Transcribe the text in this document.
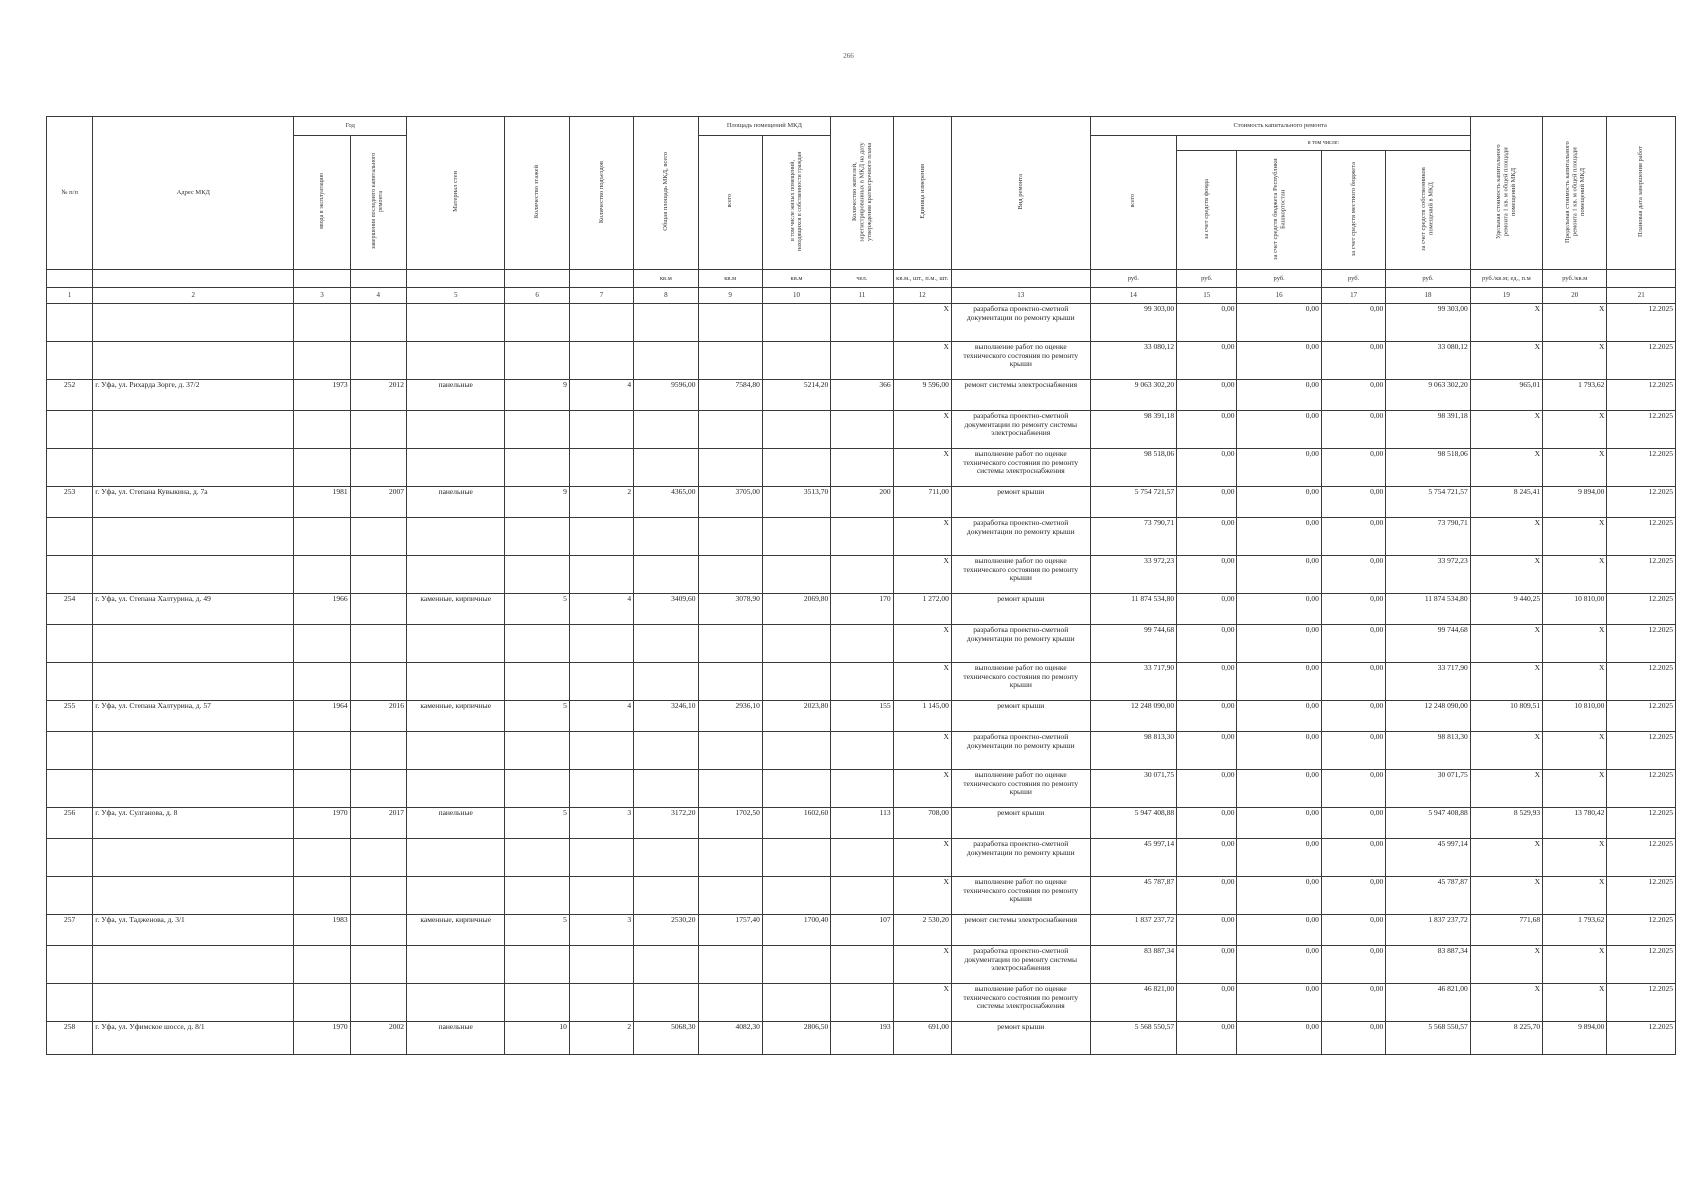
266
№ п/п	Адрес МКД	Год		Материал стен	Количество этажей	Количество подъездов	Общая площадь МКД, всего	Площадь помещений МКД		Количество жителей, зарегистрированных в МКД на дату утверждения краткосрочного плана	Единица измерения	Вид ремонта	Стоимость капитального ремонта					Удельная стоимость капитального ремонта 1 кв. м общей площади помещений МКД	Предельная стоимость капитального ремонта 1 кв. м общей площади помещений МКД	Плановая дата завершения работ
		ввода в эксплуатацию	завершения последнего капитального ремонта					всего	в том числе жилых помещений, находящихся в собственности граждан				всего	в том числе:						
														за счет средств фонда	за счет средств бюджета Республики Башкортостан	за счет средств местного бюджета	за счет средств собственников помещений в МКД			
							кв.м	кв.м	кв.м	чел.	кв.м., шт., п.м., шт.		руб.	руб.	руб.	руб.	руб.	руб./кв.м; ед., п.м	руб./кв.м	
1	2	3	4	5	6	7	8	9	10	11	12	13	14	15	16	17	18	19	20	21
											X	разработка проектно-сметной документации по ремонту крыши	99 303,00	0,00	0,00	0,00	99 303,00	X	X	12.2025
											X	выполнение работ по оценке технического состояния по ремонту крыши	33 080,12	0,00	0,00	0,00	33 080,12	X	X	12.2025
252	г. Уфа, ул. Рихарда Зорге, д. 37/2	1973	2012	панельные	9	4	9596,00	7584,80	5214,20	366	9 596,00	ремонт системы электроснабжения	9 063 302,20	0,00	0,00	0,00	9 063 302,20	965,01	1 793,62	12.2025
											X	разработка проектно-сметной документации по ремонту системы электроснабжения	98 391,18	0,00	0,00	0,00	98 391,18	X	X	12.2025
											X	выполнение работ по оценке технического состояния по ремонту системы электроснабжения	98 518,06	0,00	0,00	0,00	98 518,06	X	X	12.2025
253	г. Уфа, ул. Степана Кувыкина, д. 7а	1981	2007	панельные	9	2	4365,00	3705,00	3513,70	200	711,00	ремонт крыши	5 754 721,57	0,00	0,00	0,00	5 754 721,57	8 245,41	9 894,00	12.2025
											X	разработка проектно-сметной документации по ремонту крыши	73 790,71	0,00	0,00	0,00	73 790,71	X	X	12.2025
											X	выполнение работ по оценке технического состояния по ремонту крыши	33 972,23	0,00	0,00	0,00	33 972,23	X	X	12.2025
254	г. Уфа, ул. Степана Халтурина, д. 49	1966		каменные, кирпичные	5	4	3409,60	3078,90	2069,80	170	1 272,00	ремонт крыши	11 874 534,80	0,00	0,00	0,00	11 874 534,80	9 440,25	10 810,00	12.2025
											X	разработка проектно-сметной документации по ремонту крыши	99 744,68	0,00	0,00	0,00	99 744,68	X	X	12.2025
											X	выполнение работ по оценке технического состояния по ремонту крыши	33 717,90	0,00	0,00	0,00	33 717,90	X	X	12.2025
255	г. Уфа, ул. Степана Халтурина, д. 57	1964	2016	каменные, кирпичные	5	4	3246,10	2936,10	2023,80	155	1 145,00	ремонт крыши	12 248 090,00	0,00	0,00	0,00	12 248 090,00	10 809,51	10 810,00	12.2025
											X	разработка проектно-сметной документации по ремонту крыши	98 813,30	0,00	0,00	0,00	98 813,30	X	X	12.2025
											X	выполнение работ по оценке технического состояния по ремонту крыши	30 071,75	0,00	0,00	0,00	30 071,75	X	X	12.2025
256	г. Уфа, ул. Сулганова, д. 8	1970	2017	панельные	5	3	3172,20	1702,50	1602,60	113	708,00	ремонт крыши	5 947 408,88	0,00	0,00	0,00	5 947 408,88	8 529,93	13 780,42	12.2025
											X	разработка проектно-сметной документации по ремонту крыши	45 997,14	0,00	0,00	0,00	45 997,14	X	X	12.2025
											X	выполнение работ по оценке технического состояния по ремонту крыши	45 787,87	0,00	0,00	0,00	45 787,87	X	X	12.2025
257	г. Уфа, ул. Тадженова, д. 3/1	1983		каменные, кирпичные	5	3	2530,20	1757,40	1700,40	107	2 530,20	ремонт системы электроснабжения	1 837 237,72	0,00	0,00	0,00	1 837 237,72	771,68	1 793,62	12.2025
											X	разработка проектно-сметной документации по ремонту системы электроснабжения	83 887,34	0,00	0,00	0,00	83 887,34	X	X	12.2025
											X	выполнение работ по оценке технического состояния по ремонту системы электроснабжения	46 821,00	0,00	0,00	0,00	46 821,00	X	X	12.2025
258	г. Уфа, ул. Уфимское шоссе, д. 8/1	1970	2002	панельные	10	2	5068,30	4082,30	2806,50	193	691,00	ремонт крыши	5 568 550,57	0,00	0,00	0,00	5 568 550,57	8 225,70	9 894,00	12.2025
